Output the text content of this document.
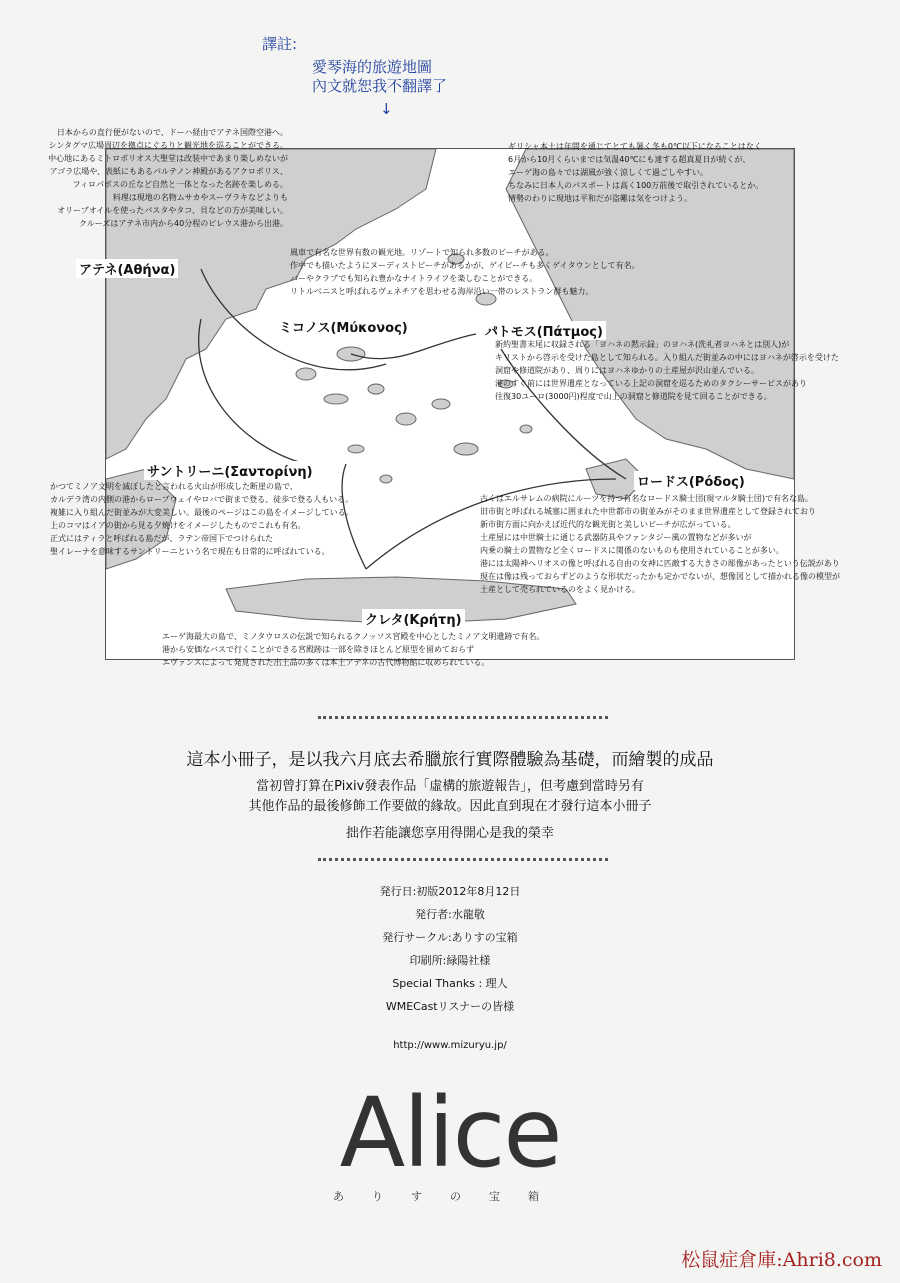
譯註:
愛琴海的旅遊地圖
內文就恕我不翻譯了
↓
アテネ(Αθήνα)
ミコノス(Μύκονος)	パトモス(Πάτμος)
サントリーニ(Σαντορίνη)
ロードス(Ρόδος)
クレタ(Κρήτη)
日本からの直行便がないので、ドーハ経由でアテネ国際空港へ。
シンタグマ広場周辺を拠点にぐるりと観光地を巡ることができる。
中心地にあるミトロポリオス大聖堂は改装中であまり楽しめないが
アゴラ広場や、表紙にもあるパルテノン神殿があるアクロポリス、
フィロパポスの丘など自然と一体となった名跡を楽しめる。
料理は現地の名物ムサカやスーヴラキなどよりも
オリーブオイルを使ったパスタやタコ、貝などの方が美味しい。
クルーズはアテネ市内から40分程のピレウス港から出港。
ギリシャ本土は年間を通じてとても暑く冬も0℃以下になることはなく
6月から10月くらいまでは気温40℃にも達する超真夏日が続くが、
エーゲ海の島々では湖風が強く涼しくて過ごしやすい。
ちなみに日本人のパスポートは高く100万前後で取引されているとか。
情勢のわりに現地は平和だが盗難は気をつけよう。
風車で有名な世界有数の観光地。リゾートで知られ多数のビーチがある。
作中でも描いたようにヌーディストビーチがあるかが、ゲイビーチも多くゲイタウンとして有名。
バーやクラブでも知られ豊かなナイトライフを楽しむことができる。
リトルベニスと呼ばれるヴェネチアを思わせる海岸沿い一帯のレストラン群も魅力。
新約聖書末尾に収録される「ヨハネの黙示録」のヨハネ(洗礼者ヨハネとは別人)が
キリストから啓示を受けた島として知られる。入り組んだ街並みの中にはヨハネが啓示を受けた
洞窟や修道院があり、周りにはヨハネゆかりの土産屋が沢山並んでいる。
港のすぐ前には世界遺産となっている上記の洞窟を巡るためのタクシーサービスがあり
往復30ユーロ(3000円)程度で山上の洞窟と修道院を見て回ることができる。
かつてミノア文明を滅ぼしたと言われる火山が形成した断崖の島で、
カルデラ湾の内側の港からロープウェイやロバで街まで登る、徒歩で登る人もいる。
複雑に入り組んだ街並みが大変美しい。最後のページはこの島をイメージしている。
上のコマはイアの街から見る夕焼けをイメージしたものでこれも有名。
正式にはティラと呼ばれる島だが、ラテン帝国下でつけられた
聖イレーナを意味するサントリーニという名で現在も日常的に呼ばれている。
古くはエルサレムの病院にルーツを持つ有名なロードス騎士団(現マルタ騎士団)で有名な島。
旧市街と呼ばれる城塞に囲まれた中世都市の街並みがそのまま世界遺産として登録されており
新市街方面に向かえば近代的な観光街と美しいビーチが広がっている。
土産屋には中世騎士に通じる武器防具やファンタジー風の置物などが多いが
内乗の騎士の置物など全くロードスに関係のないものも使用されていることが多い。
港には太陽神ヘリオスの像と呼ばれる自由の女神に匹敵する大きさの彫像があったという伝説があり
現在は像は残っておらずどのような形状だったかも定かでないが、想像図として描かれる像の模型が
土産として売られているのをよく見かける。
エーゲ海最大の島で、ミノタウロスの伝説で知られるクノッソス宮殿を中心としたミノア文明遺跡で有名。
港から安価なバスで行くことができる宮殿跡は一部を除きほとんど原型を留めておらず
エヴァンスによって発見された出土品の多くは本土アテネの古代博物館に収められている。
這本小冊子，是以我六月底去希臘旅行實際體驗為基礎，而繪製的成品
當初曾打算在Pixiv發表作品「虛構的旅遊報告」，但考慮到當時另有
其他作品的最後修飾工作要做的緣故。因此直到現在才發行這本小冊子
拙作若能讓您享用得開心是我的榮幸
発行日:初版2012年8月12日
発行者:水龍敬
発行サークル:ありすの宝箱
印刷所:緑陽社様
Special Thanks : 理人
WMECastリスナーの皆様
http://www.mizuryu.jp/
Alice
ありすの宝箱
松鼠症倉庫:Ahri8.com
